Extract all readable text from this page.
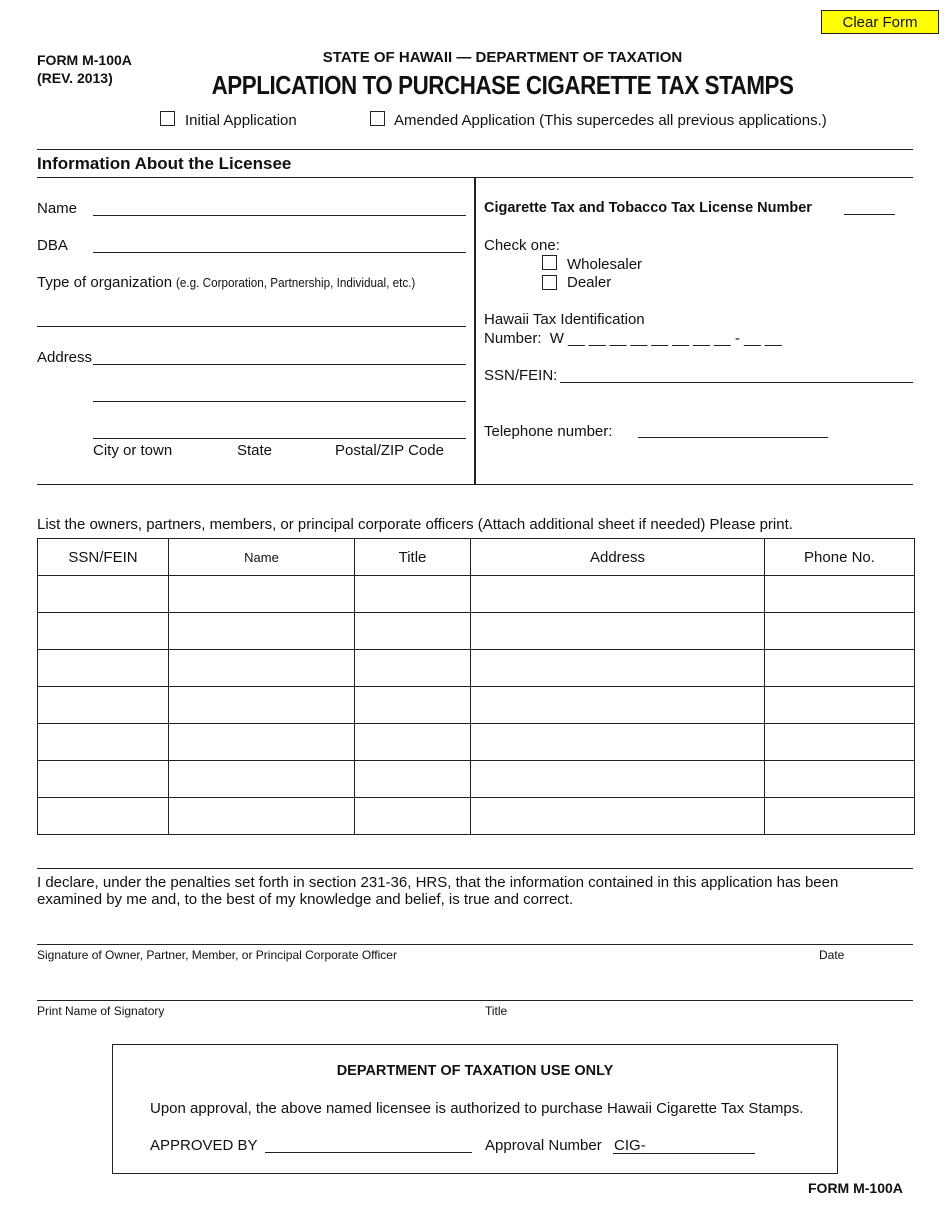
Clear Form
FORM M-100A
(REV. 2013)
STATE OF HAWAII — DEPARTMENT OF TAXATION
APPLICATION TO PURCHASE CIGARETTE TAX STAMPS
Initial Application	Amended Application (This supercedes all previous applications.)
Information About the Licensee
Name
DBA
Type of organization (e.g. Corporation, Partnership, Individual, etc.)
Address
City or town	State	Postal/ZIP Code
Cigarette Tax and Tobacco Tax License Number
Check one:
Wholesaler
Dealer
Hawaii Tax Identification
Number: W __ __ __ __ __ __ __ __ - __ __
SSN/FEIN:
Telephone number:
List the owners, partners, members, or principal corporate officers (Attach additional sheet if needed) Please print.
SSN/FEIN	Name	Title	Address	Phone No.

I declare, under the penalties set forth in section 231-36, HRS, that the information contained in this application has been examined by me and, to the best of my knowledge and belief, is true and correct.
Signature of Owner, Partner, Member, or Principal Corporate Officer	Date
Print Name of Signatory	Title
DEPARTMENT OF TAXATION USE ONLY
Upon approval, the above named licensee is authorized to purchase Hawaii Cigarette Tax Stamps.
APPROVED BY	Approval Number CIG-
FORM M-100A
